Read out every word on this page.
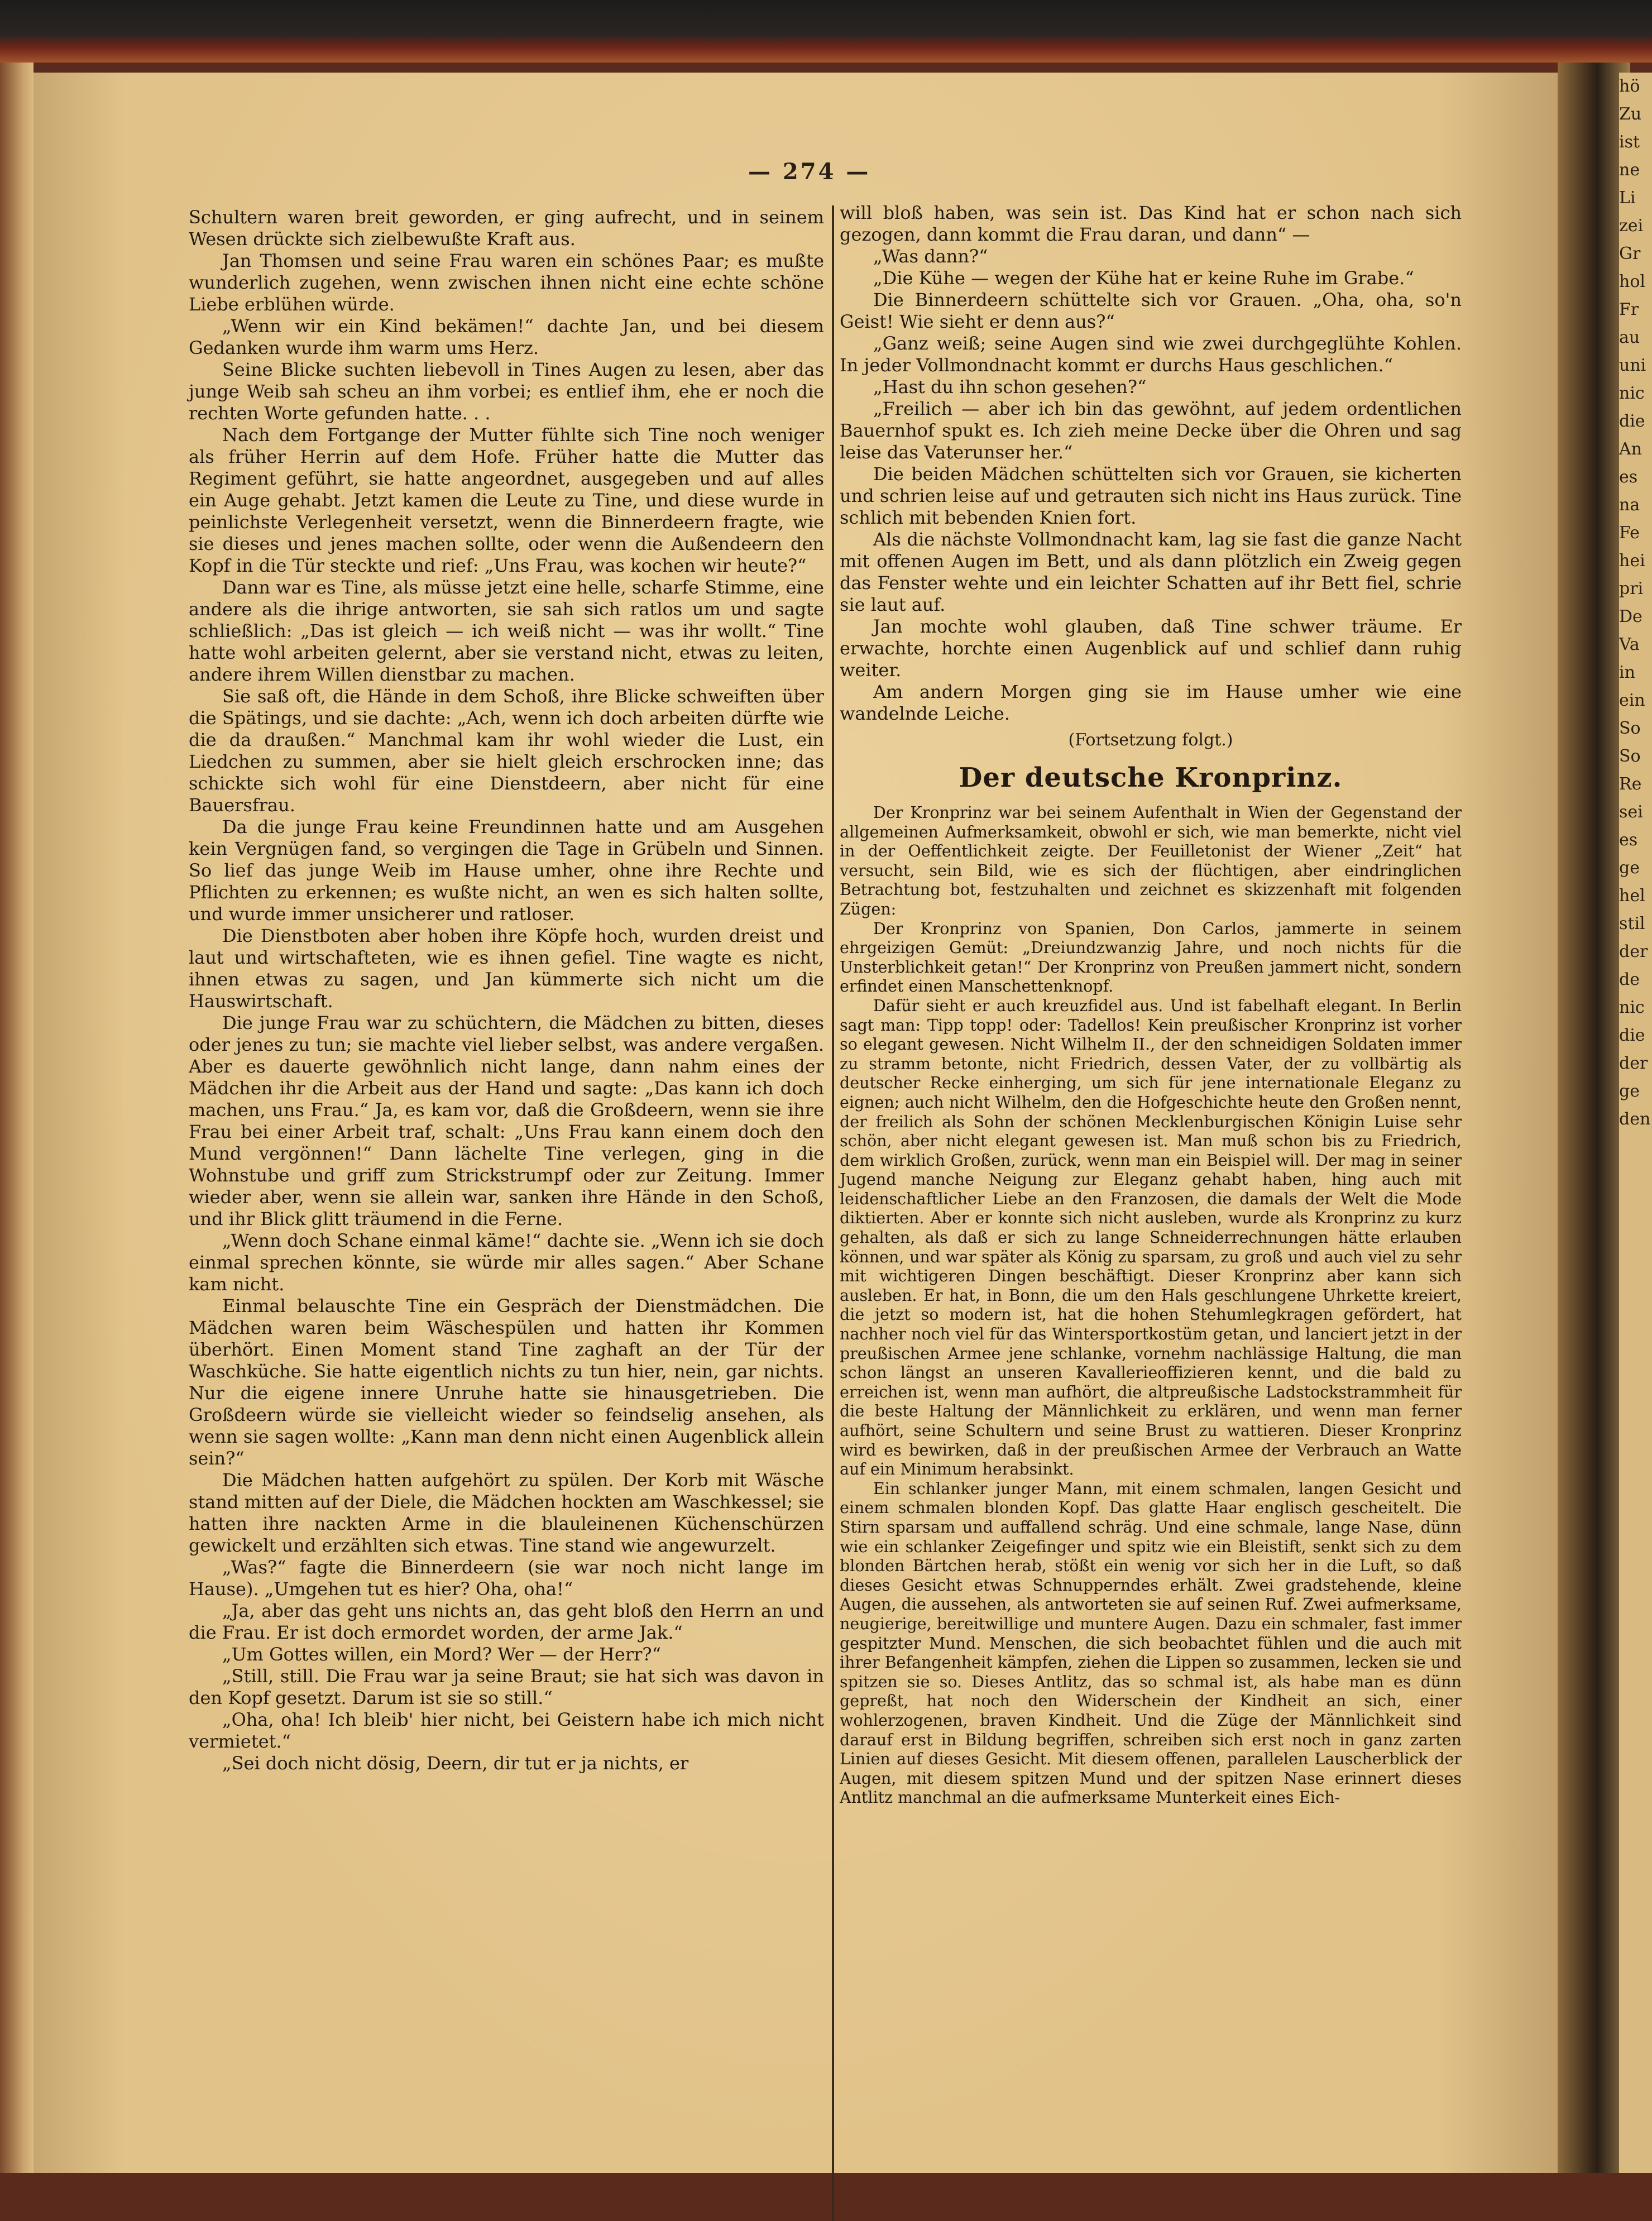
hö
Zu
ist
ne
Li
zei
Gr
hol
Fr
au
uni
nic
die
An
es
na
Fe
hei
pri
De
Va
in
ein
So
So
Re
sei
es
ge
hel
stil
der
de
nic
die
der
ge
den
— 274 —

Schultern waren breit geworden, er ging aufrecht, und in seinem Wesen drückte sich zielbewußte Kraft aus.

Jan Thomsen und seine Frau waren ein schönes Paar; es mußte wunderlich zugehen, wenn zwischen ihnen nicht eine echte schöne Liebe erblühen würde.

„Wenn wir ein Kind bekämen!“ dachte Jan, und bei diesem Gedanken wurde ihm warm ums Herz.

Seine Blicke suchten liebevoll in Tines Augen zu lesen, aber das junge Weib sah scheu an ihm vorbei; es entlief ihm, ehe er noch die rechten Worte gefunden hatte. . .

Nach dem Fortgange der Mutter fühlte sich Tine noch weniger als früher Herrin auf dem Hofe. Früher hatte die Mutter das Regiment geführt, sie hatte angeordnet, ausgegeben und auf alles ein Auge gehabt. Jetzt kamen die Leute zu Tine, und diese wurde in peinlichste Verlegenheit versetzt, wenn die Binnerdeern fragte, wie sie dieses und jenes machen sollte, oder wenn die Außendeern den Kopf in die Tür steckte und rief: „Uns Frau, was kochen wir heute?“

Dann war es Tine, als müsse jetzt eine helle, scharfe Stimme, eine andere als die ihrige antworten, sie sah sich ratlos um und sagte schließlich: „Das ist gleich — ich weiß nicht — was ihr wollt.“ Tine hatte wohl arbeiten gelernt, aber sie verstand nicht, etwas zu leiten, andere ihrem Willen dienstbar zu machen.

Sie saß oft, die Hände in dem Schoß, ihre Blicke schweiften über die Spätings, und sie dachte: „Ach, wenn ich doch arbeiten dürfte wie die da draußen.“ Manchmal kam ihr wohl wieder die Lust, ein Liedchen zu summen, aber sie hielt gleich erschrocken inne; das schickte sich wohl für eine Dienstdeern, aber nicht für eine Bauersfrau.

Da die junge Frau keine Freundinnen hatte und am Ausgehen kein Vergnügen fand, so vergingen die Tage in Grübeln und Sinnen. So lief das junge Weib im Hause umher, ohne ihre Rechte und Pflichten zu erkennen; es wußte nicht, an wen es sich halten sollte, und wurde immer unsicherer und ratloser.

Die Dienstboten aber hoben ihre Köpfe hoch, wurden dreist und laut und wirtschafteten, wie es ihnen gefiel. Tine wagte es nicht, ihnen etwas zu sagen, und Jan kümmerte sich nicht um die Hauswirtschaft.

Die junge Frau war zu schüchtern, die Mädchen zu bitten, dieses oder jenes zu tun; sie machte viel lieber selbst, was andere vergaßen. Aber es dauerte gewöhnlich nicht lange, dann nahm eines der Mädchen ihr die Arbeit aus der Hand und sagte: „Das kann ich doch machen, uns Frau.“ Ja, es kam vor, daß die Großdeern, wenn sie ihre Frau bei einer Arbeit traf, schalt: „Uns Frau kann einem doch den Mund vergönnen!“ Dann lächelte Tine verlegen, ging in die Wohnstube und griff zum Strickstrumpf oder zur Zeitung. Immer wieder aber, wenn sie allein war, sanken ihre Hände in den Schoß, und ihr Blick glitt träumend in die Ferne.

„Wenn doch Schane einmal käme!“ dachte sie. „Wenn ich sie doch einmal sprechen könnte, sie würde mir alles sagen.“ Aber Schane kam nicht.

Einmal belauschte Tine ein Gespräch der Dienstmädchen. Die Mädchen waren beim Wäschespülen und hatten ihr Kommen überhört. Einen Moment stand Tine zaghaft an der Tür der Waschküche. Sie hatte eigentlich nichts zu tun hier, nein, gar nichts. Nur die eigene innere Unruhe hatte sie hinausgetrieben. Die Großdeern würde sie vielleicht wieder so feindselig ansehen, als wenn sie sagen wollte: „Kann man denn nicht einen Augenblick allein sein?“

Die Mädchen hatten aufgehört zu spülen. Der Korb mit Wäsche stand mitten auf der Diele, die Mädchen hockten am Waschkessel; sie hatten ihre nackten Arme in die blauleinenen Küchenschürzen gewickelt und erzählten sich etwas. Tine stand wie angewurzelt.

„Was?“ fagte die Binnerdeern (sie war noch nicht lange im Hause). „Umgehen tut es hier? Oha, oha!“

„Ja, aber das geht uns nichts an, das geht bloß den Herrn an und die Frau. Er ist doch ermordet worden, der arme Jak.“

„Um Gottes willen, ein Mord? Wer — der Herr?“

„Still, still. Die Frau war ja seine Braut; sie hat sich was davon in den Kopf gesetzt. Darum ist sie so still.“

„Oha, oha! Ich bleib' hier nicht, bei Geistern habe ich mich nicht vermietet.“

„Sei doch nicht dösig, Deern, dir tut er ja nichts, er

will bloß haben, was sein ist. Das Kind hat er schon nach sich gezogen, dann kommt die Frau daran, und dann“ —

„Was dann?“

„Die Kühe — wegen der Kühe hat er keine Ruhe im Grabe.“

Die Binnerdeern schüttelte sich vor Grauen. „Oha, oha, so'n Geist! Wie sieht er denn aus?“

„Ganz weiß; seine Augen sind wie zwei durchgeglühte Kohlen. In jeder Vollmondnacht kommt er durchs Haus geschlichen.“

„Hast du ihn schon gesehen?“

„Freilich — aber ich bin das gewöhnt, auf jedem ordentlichen Bauernhof spukt es. Ich zieh meine Decke über die Ohren und sag leise das Vaterunser her.“

Die beiden Mädchen schüttelten sich vor Grauen, sie kicherten und schrien leise auf und getrauten sich nicht ins Haus zurück. Tine schlich mit bebenden Knien fort.

Als die nächste Vollmondnacht kam, lag sie fast die ganze Nacht mit offenen Augen im Bett, und als dann plötzlich ein Zweig gegen das Fenster wehte und ein leichter Schatten auf ihr Bett fiel, schrie sie laut auf.

Jan mochte wohl glauben, daß Tine schwer träume. Er erwachte, horchte einen Augenblick auf und schlief dann ruhig weiter.

Am andern Morgen ging sie im Hause umher wie eine wandelnde Leiche.

(Fortsetzung folgt.)
Der deutsche Kronprinz.

Der Kronprinz war bei seinem Aufenthalt in Wien der Gegenstand der allgemeinen Aufmerksamkeit, obwohl er sich, wie man bemerkte, nicht viel in der Oeffentlichkeit zeigte. Der Feuilletonist der Wiener „Zeit“ hat versucht, sein Bild, wie es sich der flüchtigen, aber eindringlichen Betrachtung bot, festzuhalten und zeichnet es skizzenhaft mit folgenden Zügen:

Der Kronprinz von Spanien, Don Carlos, jammerte in seinem ehrgeizigen Gemüt: „Dreiundzwanzig Jahre, und noch nichts für die Unsterblichkeit getan!“ Der Kronprinz von Preußen jammert nicht, sondern erfindet einen Manschettenknopf.

Dafür sieht er auch kreuzfidel aus. Und ist fabelhaft elegant. In Berlin sagt man: Tipp topp! oder: Tadellos! Kein preußischer Kronprinz ist vorher so elegant gewesen. Nicht Wilhelm II., der den schneidigen Soldaten immer zu stramm betonte, nicht Friedrich, dessen Vater, der zu vollbärtig als deutscher Recke einherging, um sich für jene internationale Eleganz zu eignen; auch nicht Wilhelm, den die Hofgeschichte heute den Großen nennt, der freilich als Sohn der schönen Mecklenburgischen Königin Luise sehr schön, aber nicht elegant gewesen ist. Man muß schon bis zu Friedrich, dem wirklich Großen, zurück, wenn man ein Beispiel will. Der mag in seiner Jugend manche Neigung zur Eleganz gehabt haben, hing auch mit leidenschaftlicher Liebe an den Franzosen, die damals der Welt die Mode diktierten. Aber er konnte sich nicht ausleben, wurde als Kronprinz zu kurz gehalten, als daß er sich zu lange Schneiderrechnungen hätte erlauben können, und war später als König zu sparsam, zu groß und auch viel zu sehr mit wichtigeren Dingen beschäftigt. Dieser Kronprinz aber kann sich ausleben. Er hat, in Bonn, die um den Hals geschlungene Uhrkette kreiert, die jetzt so modern ist, hat die hohen Stehumlegkragen gefördert, hat nachher noch viel für das Wintersportkostüm getan, und lanciert jetzt in der preußischen Armee jene schlanke, vornehm nachlässige Haltung, die man schon längst an unseren Kavallerieoffizieren kennt, und die bald zu erreichen ist, wenn man aufhört, die altpreußische Ladstockstrammheit für die beste Haltung der Männlichkeit zu erklären, und wenn man ferner aufhört, seine Schultern und seine Brust zu wattieren. Dieser Kronprinz wird es bewirken, daß in der preußischen Armee der Verbrauch an Watte auf ein Minimum herabsinkt.

Ein schlanker junger Mann, mit einem schmalen, langen Gesicht und einem schmalen blonden Kopf. Das glatte Haar englisch gescheitelt. Die Stirn sparsam und auffallend schräg. Und eine schmale, lange Nase, dünn wie ein schlanker Zeigefinger und spitz wie ein Bleistift, senkt sich zu dem blonden Bärtchen herab, stößt ein wenig vor sich her in die Luft, so daß dieses Gesicht etwas Schnupperndes erhält. Zwei gradstehende, kleine Augen, die aussehen, als antworteten sie auf seinen Ruf. Zwei aufmerksame, neugierige, bereitwillige und muntere Augen. Dazu ein schmaler, fast immer gespitzter Mund. Menschen, die sich beobachtet fühlen und die auch mit ihrer Befangenheit kämpfen, ziehen die Lippen so zusammen, lecken sie und spitzen sie so. Dieses Antlitz, das so schmal ist, als habe man es dünn gepreßt, hat noch den Widerschein der Kindheit an sich, einer wohlerzogenen, braven Kindheit. Und die Züge der Männlichkeit sind darauf erst in Bildung begriffen, schreiben sich erst noch in ganz zarten Linien auf dieses Gesicht. Mit diesem offenen, parallelen Lauscherblick der Augen, mit diesem spitzen Mund und der spitzen Nase erinnert dieses Antlitz manchmal an die aufmerksame Munterkeit eines Eich-
